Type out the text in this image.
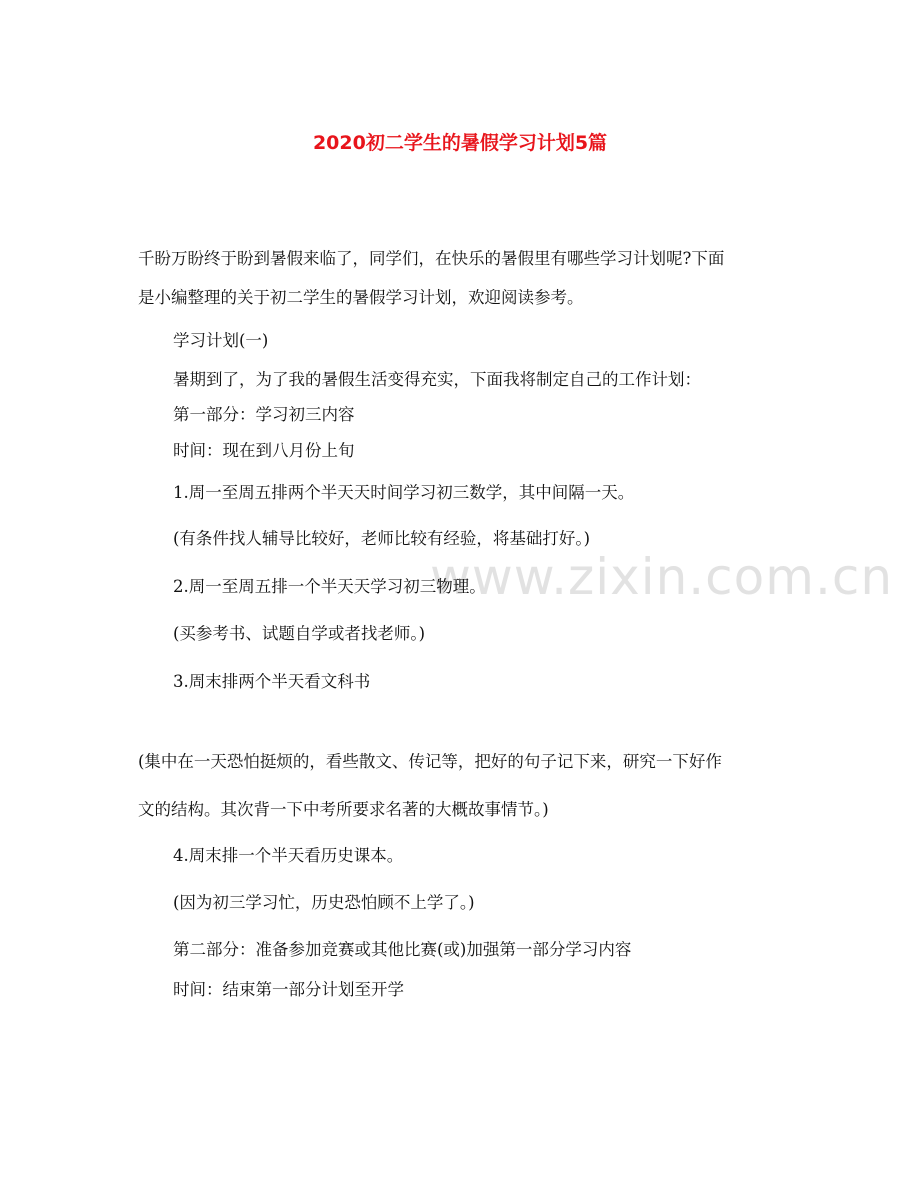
2020初二学生的暑假学习计划5篇
www.zixin.com.cn
千盼万盼终于盼到暑假来临了，同学们，在快乐的暑假里有哪些学习计划呢?下面
是小编整理的关于初二学生的暑假学习计划，欢迎阅读参考。
学习计划(一)
暑期到了，为了我的暑假生活变得充实，下面我将制定自己的工作计划：
第一部分：学习初三内容
时间：现在到八月份上旬
1.周一至周五排两个半天天时间学习初三数学，其中间隔一天。
(有条件找人辅导比较好，老师比较有经验，将基础打好。)
2.周一至周五排一个半天天学习初三物理。
(买参考书、试题自学或者找老师。)
3.周末排两个半天看文科书
(集中在一天恐怕挺烦的，看些散文、传记等，把好的句子记下来，研究一下好作
文的结构。其次背一下中考所要求名著的大概故事情节。)
4.周末排一个半天看历史课本。
(因为初三学习忙，历史恐怕顾不上学了。)
第二部分：准备参加竞赛或其他比赛(或)加强第一部分学习内容
时间：结束第一部分计划至开学
